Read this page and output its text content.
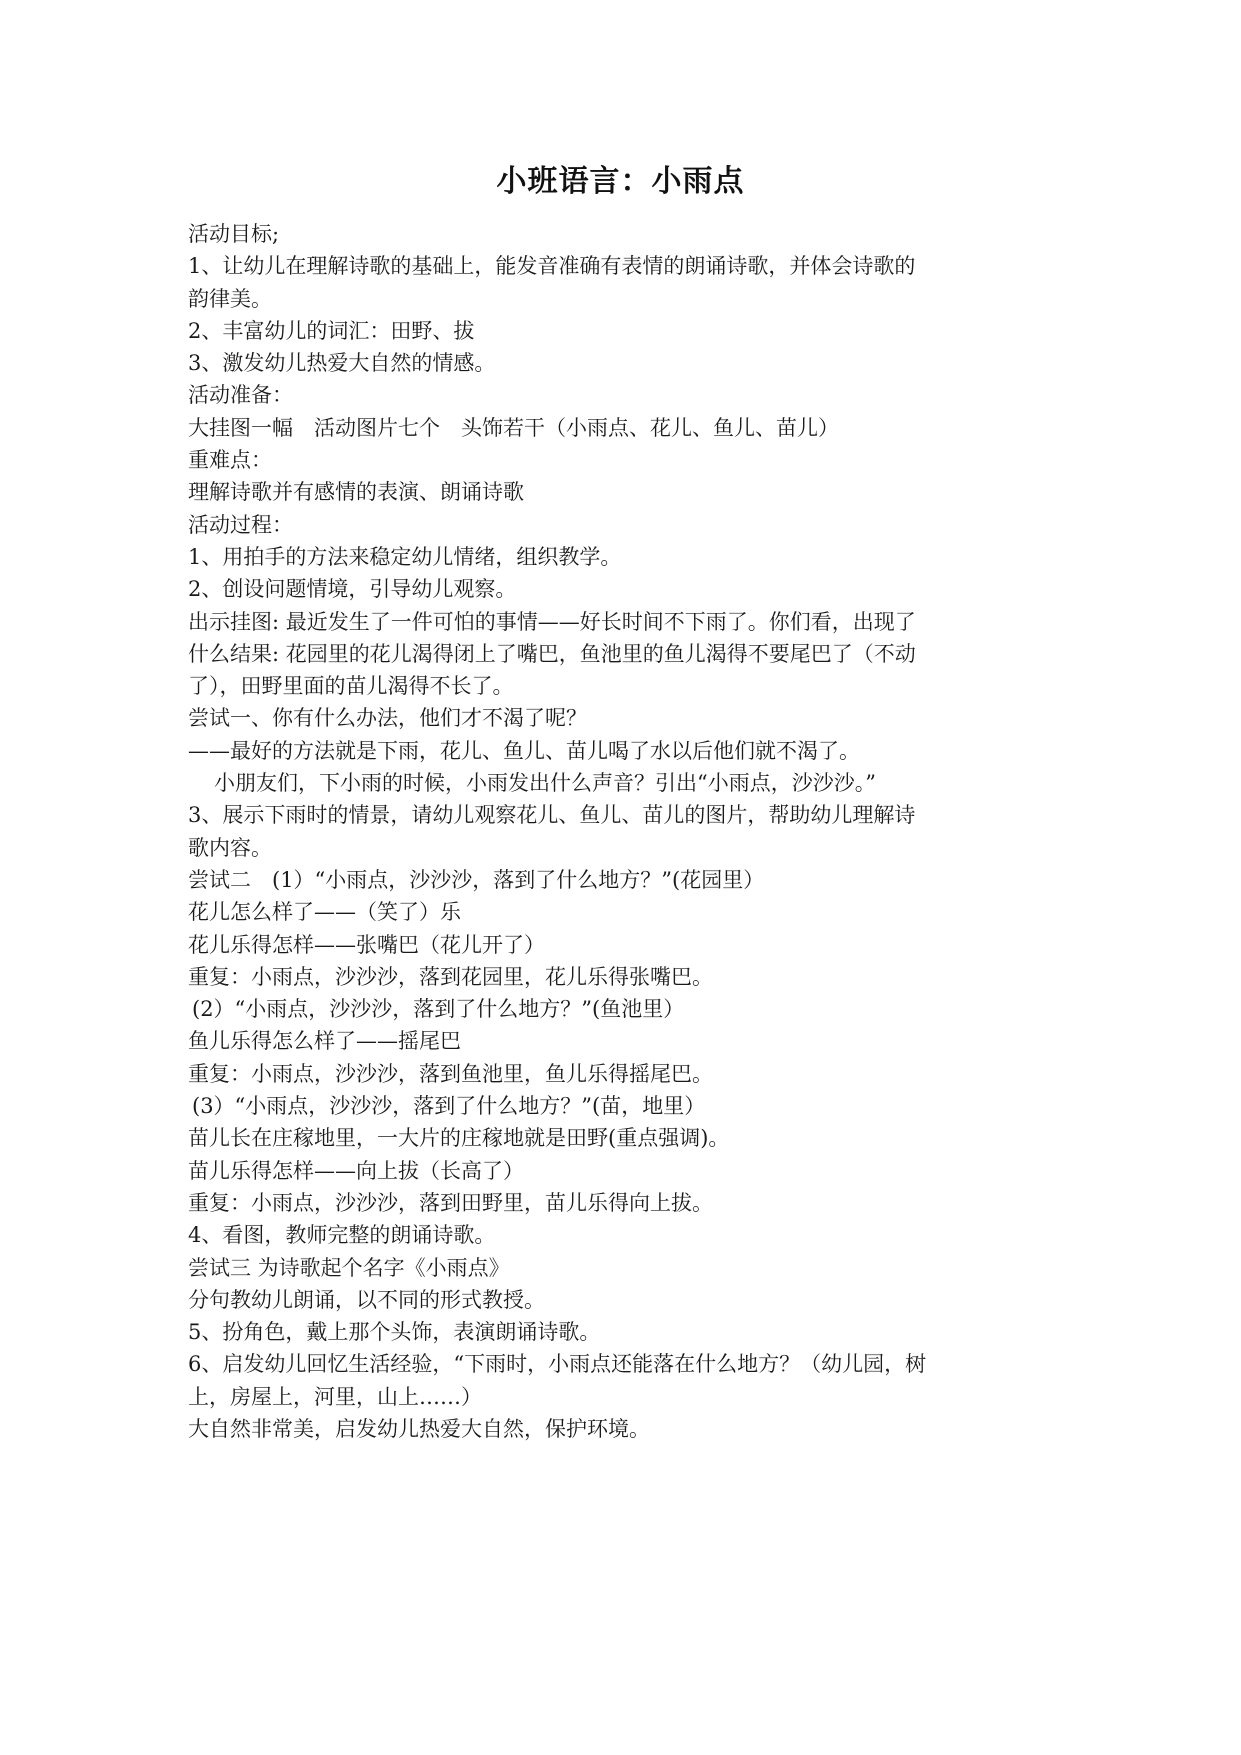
小班语言：小雨点
活动目标;
1、让幼儿在理解诗歌的基础上，能发音准确有表情的朗诵诗歌，并体会诗歌的
韵律美。
2、丰富幼儿的词汇：田野、拔
3、激发幼儿热爱大自然的情感。
活动准备：
大挂图一幅　活动图片七个　头饰若干（小雨点、花儿、鱼儿、苗儿）
重难点：
理解诗歌并有感情的表演、朗诵诗歌
活动过程：
1、用拍手的方法来稳定幼儿情绪，组织教学。
2、创设问题情境，引导幼儿观察。
出示挂图: 最近发生了一件可怕的事情——好长时间不下雨了。你们看，出现了
什么结果: 花园里的花儿渴得闭上了嘴巴，鱼池里的鱼儿渴得不要尾巴了（不动
了），田野里面的苗儿渴得不长了。
尝试一、你有什么办法，他们才不渴了呢？
——最好的方法就是下雨，花儿、鱼儿、苗儿喝了水以后他们就不渴了。
小朋友们，下小雨的时候，小雨发出什么声音？引出“小雨点，沙沙沙。”
3、展示下雨时的情景，请幼儿观察花儿、鱼儿、苗儿的图片，帮助幼儿理解诗
歌内容。
尝试二　(1）“小雨点，沙沙沙，落到了什么地方？”(花园里）
花儿怎么样了——（笑了）乐
花儿乐得怎样——张嘴巴（花儿开了）
重复：小雨点，沙沙沙，落到花园里，花儿乐得张嘴巴。
(2）“小雨点，沙沙沙，落到了什么地方？”(鱼池里）
鱼儿乐得怎么样了——摇尾巴
重复：小雨点，沙沙沙，落到鱼池里，鱼儿乐得摇尾巴。
(3）“小雨点，沙沙沙，落到了什么地方？”(苗，地里）
苗儿长在庄稼地里，一大片的庄稼地就是田野(重点强调)。
苗儿乐得怎样——向上拔（长高了）
重复：小雨点，沙沙沙，落到田野里，苗儿乐得向上拔。
4、看图，教师完整的朗诵诗歌。
尝试三 为诗歌起个名字《小雨点》
分句教幼儿朗诵，以不同的形式教授。
5、扮角色，戴上那个头饰，表演朗诵诗歌。
6、启发幼儿回忆生活经验，“下雨时，小雨点还能落在什么地方？（幼儿园，树
上，房屋上，河里，山上……）
大自然非常美，启发幼儿热爱大自然，保护环境。
